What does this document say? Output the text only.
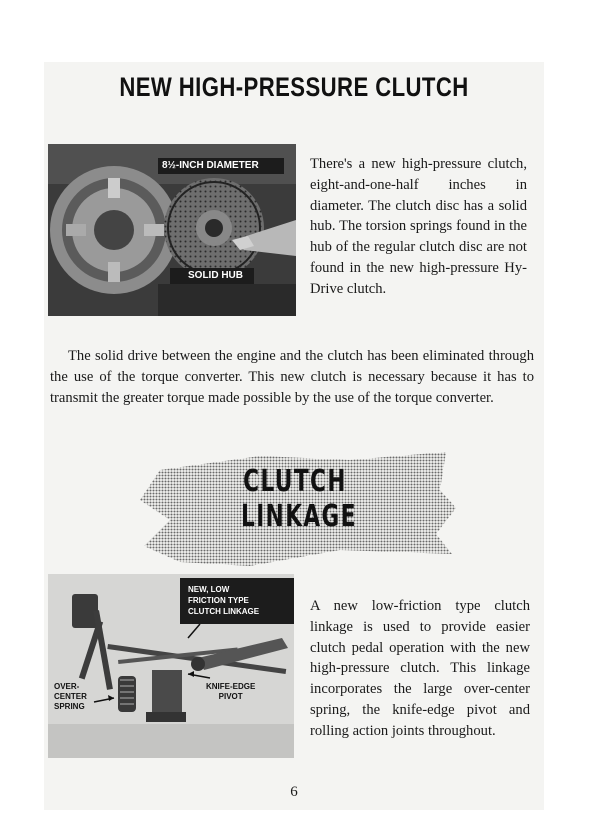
NEW HIGH-PRESSURE CLUTCH
8½-INCH DIAMETER
SOLID HUB

There's a new high-pressure clutch, eight-and-one-half inches in diameter. The clutch disc has a solid hub. The torsion springs found in the hub of the regular clutch disc are not found in the new high-pressure Hy-Drive clutch.

The solid drive between the engine and the clutch has been eliminated through the use of the torque converter. This new clutch is necessary because it has to transmit the greater torque made possible by the use of the torque converter.

CLUTCH
LINKAGE
NEW, LOW
FRICTION TYPE
CLUTCH LINKAGE
OVER-
CENTER
SPRING
KNIFE-EDGE
PIVOT

A new low-friction type clutch linkage is used to provide easier clutch pedal operation with the new high-pressure clutch. This linkage incorporates the large over-center spring, the knife-edge pivot and rolling action joints throughout.

6
